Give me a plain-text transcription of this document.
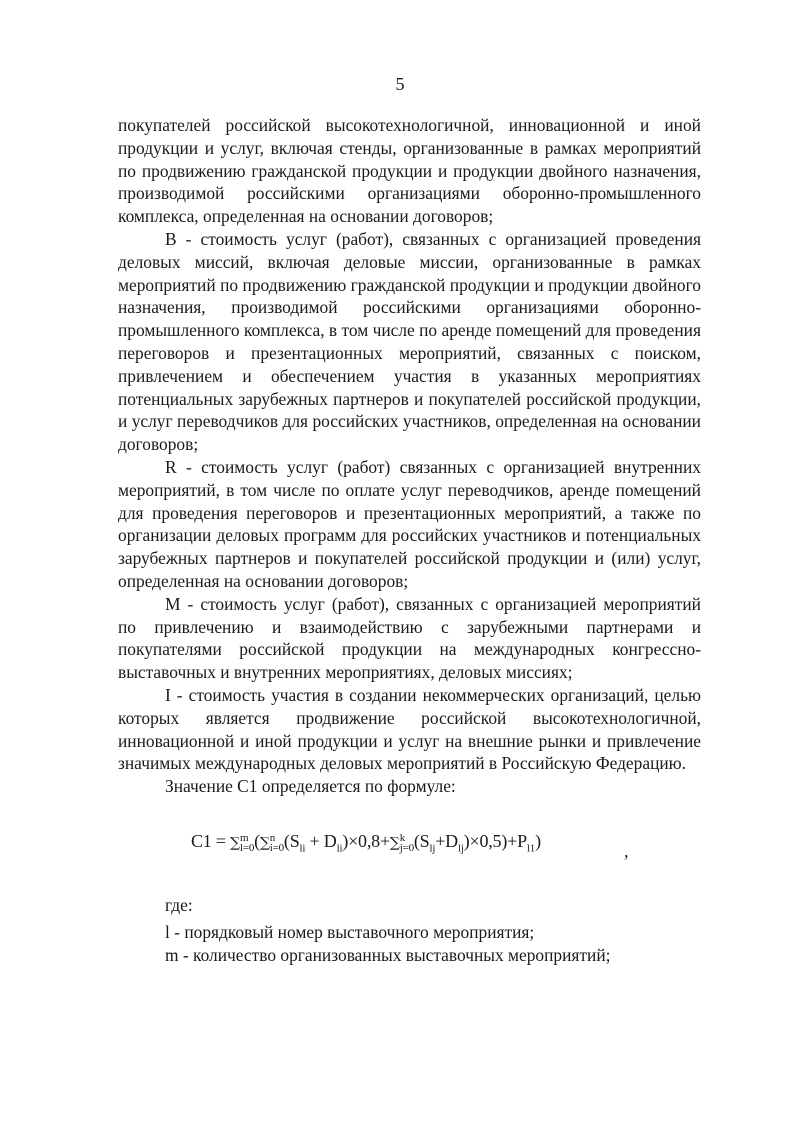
5

покупателей российской высокотехнологичной, инновационной и иной продукции и услуг, включая стенды, организованные в рамках мероприятий по продвижению гражданской продукции и продукции двойного назначения, производимой российскими организациями оборонно-промышленного комплекса, определенная на основании договоров;

B - стоимость услуг (работ), связанных с организацией проведения деловых миссий, включая деловые миссии, организованные в рамках мероприятий по продвижению гражданской продукции и продукции двойного назначения, производимой российскими организациями оборонно-промышленного комплекса, в том числе по аренде помещений для проведения переговоров и презентационных мероприятий, связанных с поиском, привлечением и обеспечением участия в указанных мероприятиях потенциальных зарубежных партнеров и покупателей российской продукции, и услуг переводчиков для российских участников, определенная на основании договоров;

R - стоимость услуг (работ) связанных с организацией внутренних мероприятий, в том числе по оплате услуг переводчиков, аренде помещений для проведения переговоров и презентационных мероприятий, а также по организации деловых программ для российских участников и потенциальных зарубежных партнеров и покупателей российской продукции и (или) услуг, определенная на основании договоров;

M - стоимость услуг (работ), связанных с организацией мероприятий по привлечению и взаимодействию с зарубежными партнерами и покупателями российской продукции на международных конгрессно-выставочных и внутренних мероприятиях, деловых миссиях;

I - стоимость участия в создании некоммерческих организаций, целью которых является продвижение российской высокотехнологичной, инновационной и иной продукции и услуг на внешние рынки и привлечение значимых международных деловых мероприятий в Российскую Федерацию.

Значение C1 определяется по формуле:

C1 = ∑ m
l=0 (∑ n
i=0 $(S_{li} + D_{li})\times 0,8+\sum$ k
j=0 $(S_{lj}+D_{lj})\times 0,5)+P_{l1}$)	,

где:

l - порядковый номер выставочного мероприятия;

m - количество организованных выставочных мероприятий;
